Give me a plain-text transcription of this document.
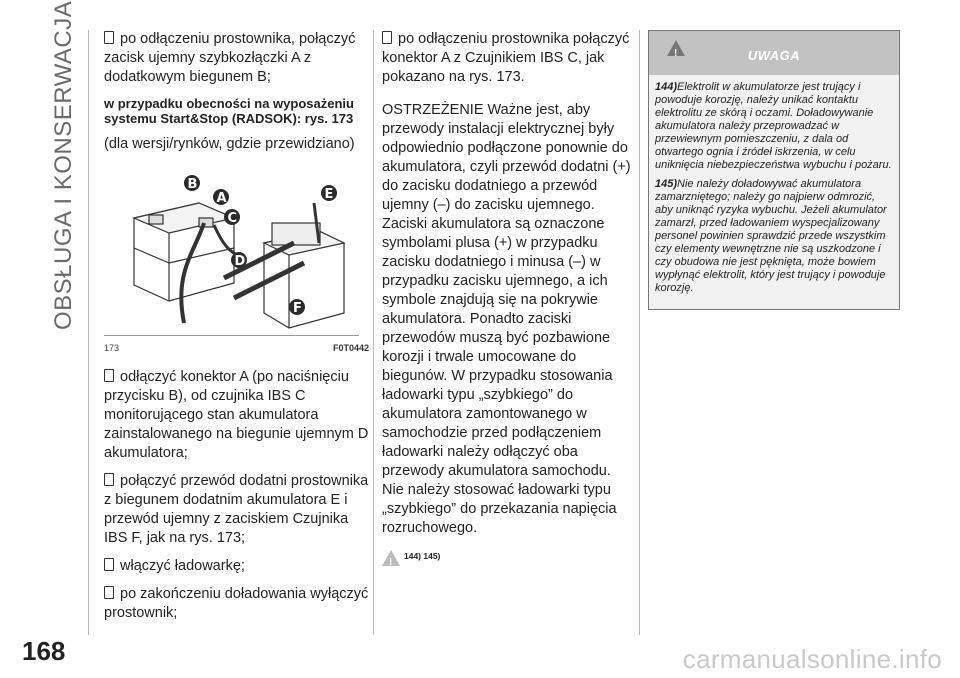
OBSŁUGA I KONSERWACJA	po odłączeniu prostownika, połączyć zacisk ujemny szybkozłączki A z dodatkowym biegunem B;

w przypadku obecności na wyposażeniu systemu Start&Stop (RADSOK): rys. 173

(dla wersji/rynków, gdzie przewidziano)

B
A
C
D
E
F
173	F0T0442

odłączyć konektor A (po naciśnięciu przycisku B), od czujnika IBS C monitorującego stan akumulatora zainstalowanego na biegunie ujemnym D akumulatora;

połączyć przewód dodatni prostownika z biegunem dodatnim akumulatora E i przewód ujemny z zaciskiem Czujnika IBS F, jak na rys. 173;

włączyć ładowarkę;

po zakończeniu doładowania wyłączyć prostownik;

po odłączeniu prostownika połączyć konektor A z Czujnikiem IBS C, jak pokazano na rys. 173.

OSTRZEŻENIE Ważne jest, aby przewody instalacji elektrycznej były odpowiednio podłączone ponownie do akumulatora, czyli przewód dodatni (+) do zacisku dodatniego a przewód ujemny (–) do zacisku ujemnego. Zaciski akumulatora są oznaczone symbolami plusa (+) w przypadku zacisku dodatniego i minusa (–) w przypadku zacisku ujemnego, a ich symbole znajdują się na pokrywie akumulatora. Ponadto zaciski przewodów muszą być pozbawione korozji i trwale umocowane do biegunów. W przypadku stosowania ładowarki typu „szybkiego” do akumulatora zamontowanego w samochodzie przed podłączeniem ładowarki należy odłączyć oba przewody akumulatora samochodu. Nie należy stosować ładowarki typu „szybkiego” do przekazania napięcia rozruchowego.

!
144) 145)
!	UWAGA

144)Elektrolit w akumulatorze jest trujący i powoduje korozję, należy unikać kontaktu elektrolitu ze skórą i oczami. Doładowywanie akumulatora należy przeprowadzać w przewiewnym pomieszczeniu, z dala od otwartego ognia i źródeł iskrzenia, w celu uniknięcia niebezpieczeństwa wybuchu i pożaru.

145)Nie należy doładowywać akumulatora zamarzniętego; należy go najpierw odmrozić, aby uniknąć ryzyka wybuchu. Jeżeli akumulator zamarzł, przed ładowaniem wyspecjalizowany personel powinien sprawdzić przede wszystkim czy elementy wewnętrzne nie są uszkodzone i czy obudowa nie jest pęknięta, może bowiem wypłynąć elektrolit, który jest trujący i powoduje korozję.

168	carmanualsonline.info
